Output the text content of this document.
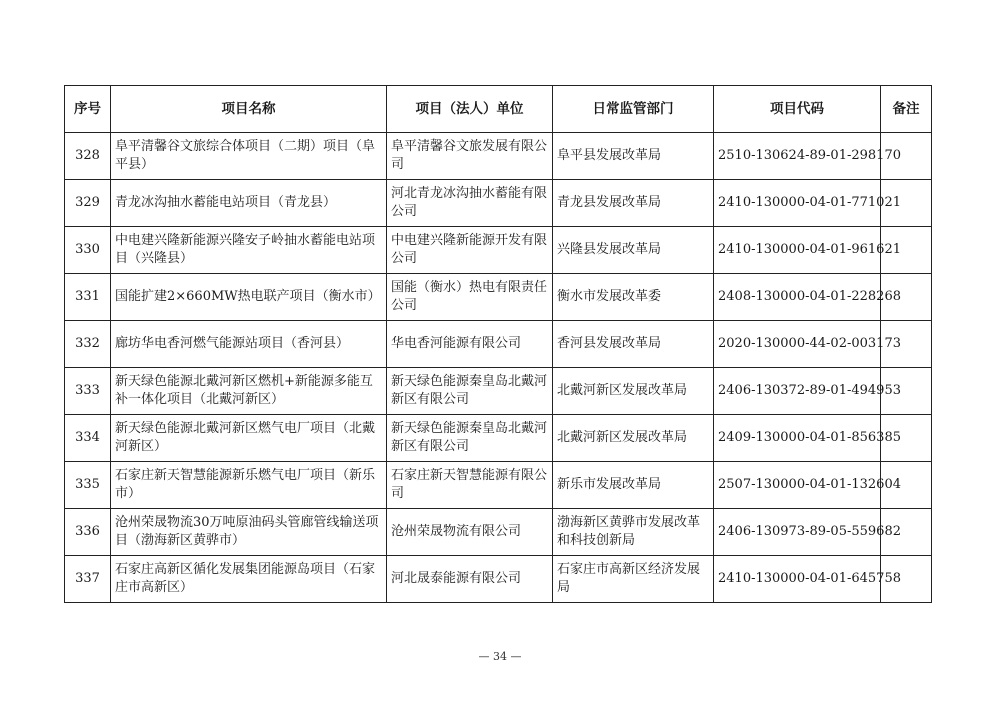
序号	项目名称	项目（法人）单位	日常监管部门	项目代码	备注
328	阜平清馨谷文旅综合体项目（二期）项目（阜平县）	阜平清馨谷文旅发展有限公司	阜平县发展改革局	2510-130624-89-01-298170	
329	青龙冰沟抽水蓄能电站项目（青龙县）	河北青龙冰沟抽水蓄能有限公司	青龙县发展改革局	2410-130000-04-01-771021	
330	中电建兴隆新能源兴隆安子岭抽水蓄能电站项目（兴隆县）	中电建兴隆新能源开发有限公司	兴隆县发展改革局	2410-130000-04-01-961621	
331	国能扩建2×660MW热电联产项目（衡水市）	国能（衡水）热电有限责任公司	衡水市发展改革委	2408-130000-04-01-228268	
332	廊坊华电香河燃气能源站项目（香河县）	华电香河能源有限公司	香河县发展改革局	2020-130000-44-02-003173	
333	新天绿色能源北戴河新区燃机+新能源多能互补一体化项目（北戴河新区）	新天绿色能源秦皇岛北戴河新区有限公司	北戴河新区发展改革局	2406-130372-89-01-494953	
334	新天绿色能源北戴河新区燃气电厂项目（北戴河新区）	新天绿色能源秦皇岛北戴河新区有限公司	北戴河新区发展改革局	2409-130000-04-01-856385	
335	石家庄新天智慧能源新乐燃气电厂项目（新乐市）	石家庄新天智慧能源有限公司	新乐市发展改革局	2507-130000-04-01-132604	
336	沧州荣晟物流30万吨原油码头管廊管线输送项目（渤海新区黄骅市）	沧州荣晟物流有限公司	渤海新区黄骅市发展改革和科技创新局	2406-130973-89-05-559682	
337	石家庄高新区循化发展集团能源岛项目（石家庄市高新区）	河北晟泰能源有限公司	石家庄市高新区经济发展局	2410-130000-04-01-645758	
— 34 —
